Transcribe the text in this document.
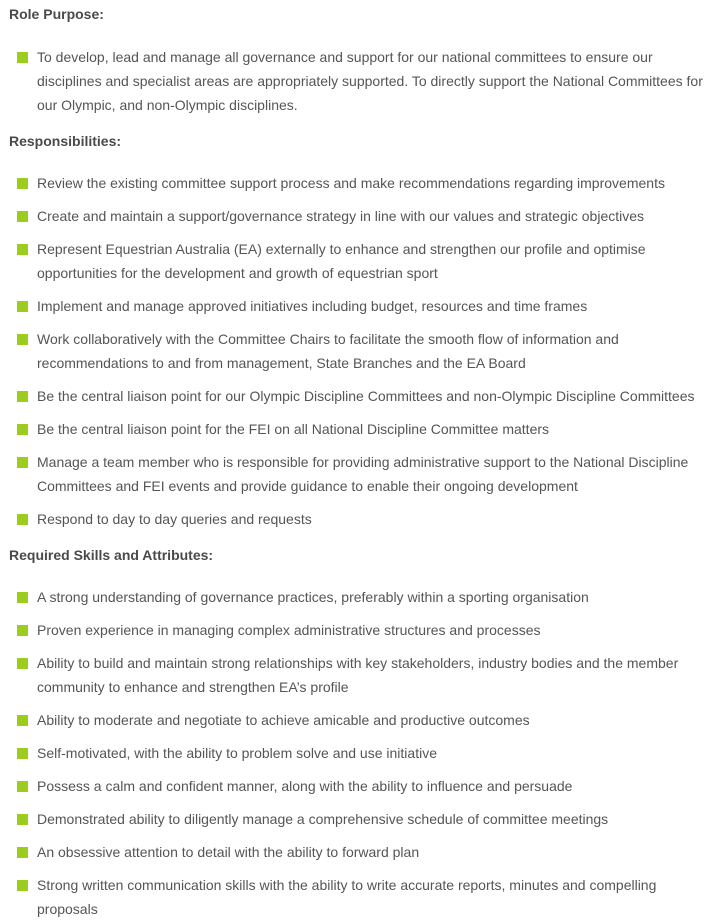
Role Purpose:
To develop, lead and manage all governance and support for our national committees to ensure our disciplines and specialist areas are appropriately supported. To directly support the National Committees for our Olympic, and non-Olympic disciplines.
Responsibilities:
Review the existing committee support process and make recommendations regarding improvements
Create and maintain a support/governance strategy in line with our values and strategic objectives
Represent Equestrian Australia (EA) externally to enhance and strengthen our profile and optimise opportunities for the development and growth of equestrian sport
Implement and manage approved initiatives including budget, resources and time frames
Work collaboratively with the Committee Chairs to facilitate the smooth flow of information and recommendations to and from management, State Branches and the EA Board
Be the central liaison point for our Olympic Discipline Committees and non-Olympic Discipline Committees
Be the central liaison point for the FEI on all National Discipline Committee matters
Manage a team member who is responsible for providing administrative support to the National Discipline Committees and FEI events and provide guidance to enable their ongoing development
Respond to day to day queries and requests
Required Skills and Attributes:
A strong understanding of governance practices, preferably within a sporting organisation
Proven experience in managing complex administrative structures and processes
Ability to build and maintain strong relationships with key stakeholders, industry bodies and the member community to enhance and strengthen EA’s profile
Ability to moderate and negotiate to achieve amicable and productive outcomes
Self-motivated, with the ability to problem solve and use initiative
Possess a calm and confident manner, along with the ability to influence and persuade
Demonstrated ability to diligently manage a comprehensive schedule of committee meetings
An obsessive attention to detail with the ability to forward plan
Strong written communication skills with the ability to write accurate reports, minutes and compelling proposals
